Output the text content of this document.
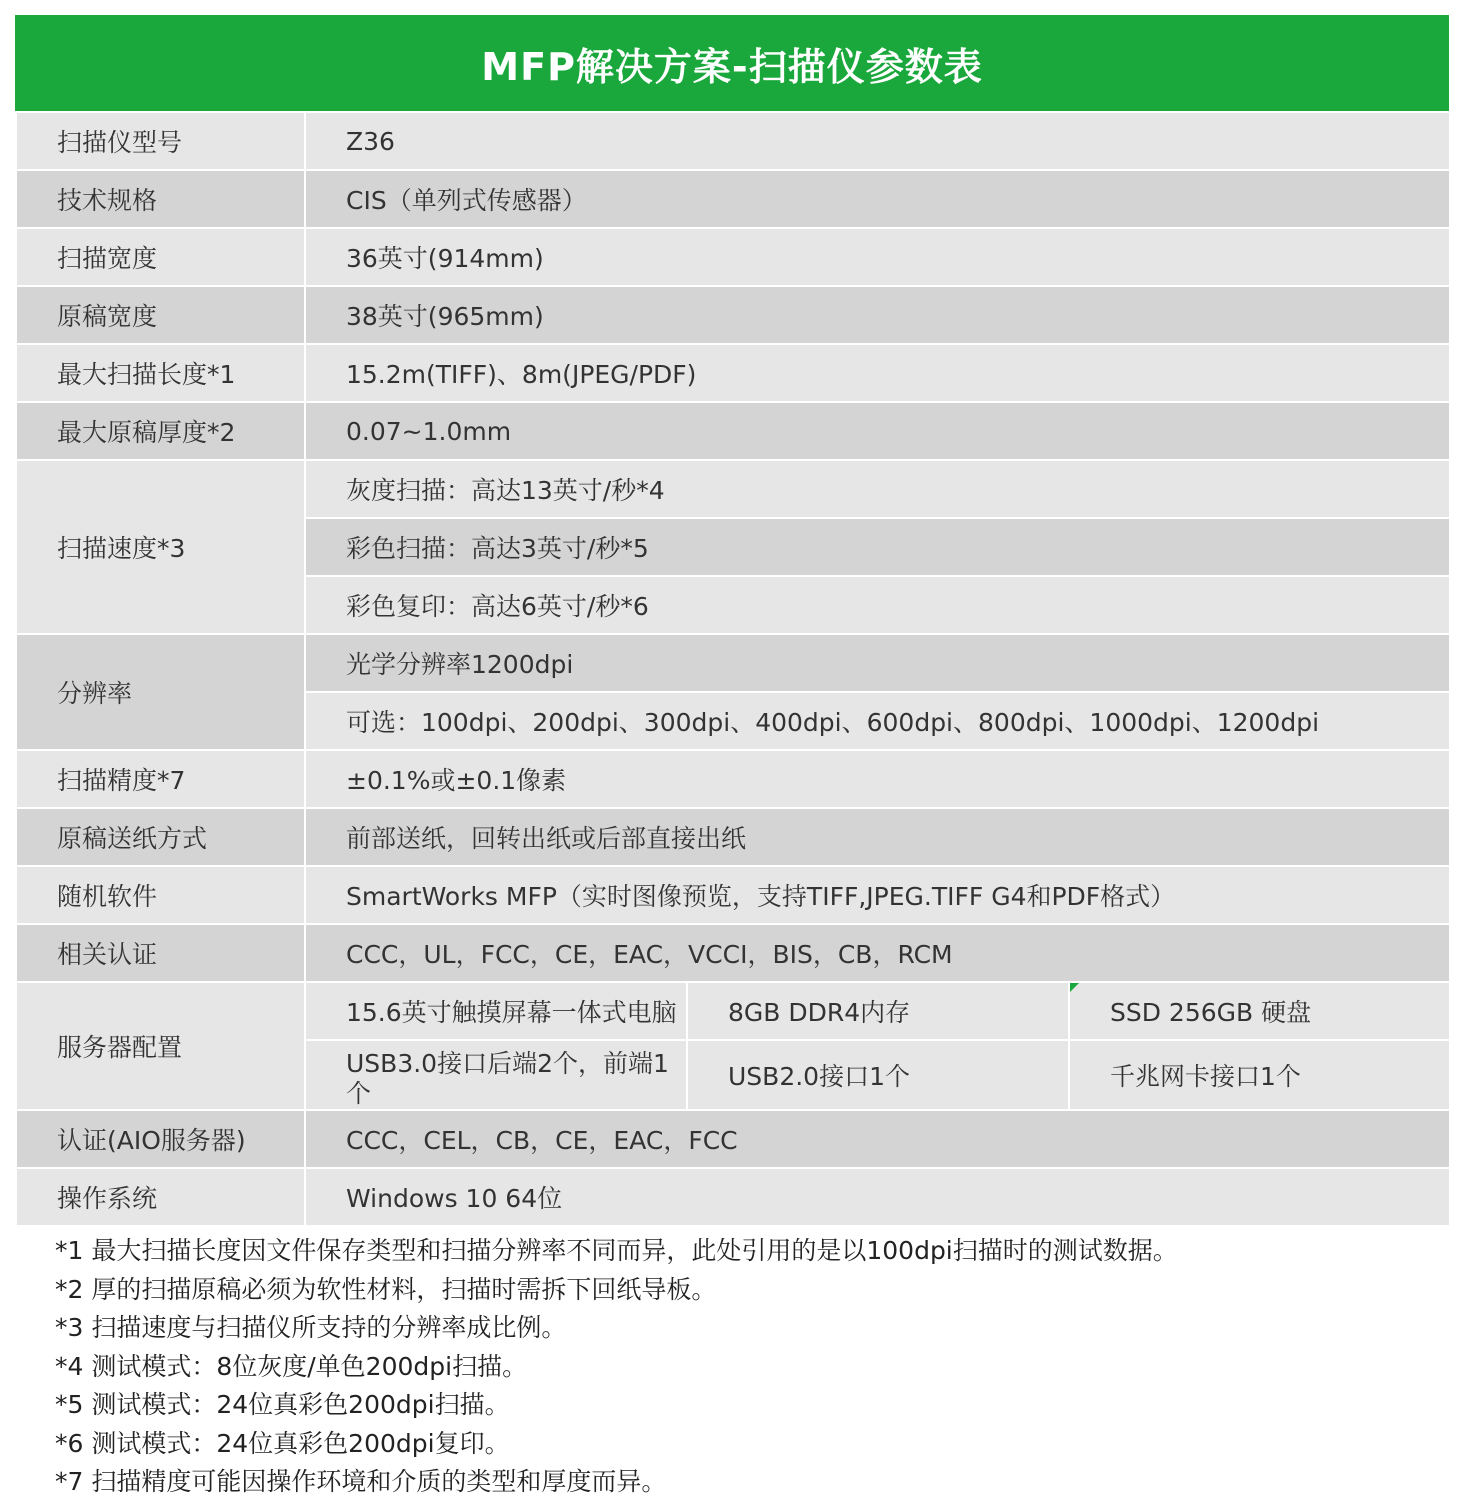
MFP解决方案-扫描仪参数表
扫描仪型号	Z36		
技术规格	CIS（单列式传感器）		
扫描宽度	36英寸(914mm)		
原稿宽度	38英寸(965mm)		
最大扫描长度*1	15.2m(TIFF)、8m(JPEG/PDF)		
最大原稿厚度*2	0.07~1.0mm		
扫描速度*3	灰度扫描：高达13英寸/秒*4		
	彩色扫描：高达3英寸/秒*5		
	彩色复印：高达6英寸/秒*6		
分辨率	光学分辨率1200dpi		
	可选：100dpi、200dpi、300dpi、400dpi、600dpi、800dpi、1000dpi、1200dpi		
扫描精度*7	±0.1%或±0.1像素		
原稿送纸方式	前部送纸，回转出纸或后部直接出纸		
随机软件	SmartWorks MFP（实时图像预览，支持TIFF,JPEG.TIFF G4和PDF格式）		
相关认证	CCC，UL，FCC，CE，EAC，VCCI，BIS，CB，RCM		
服务器配置	15.6英寸触摸屏幕一体式电脑	8GB DDR4内存	SSD 256GB 硬盘
	USB3.0接口后端2个，前端1个	USB2.0接口1个	千兆网卡接口1个
认证(AIO服务器)	CCC，CEL，CB，CE，EAC，FCC		
操作系统	Windows 10 64位		
*1 最大扫描长度因文件保存类型和扫描分辨率不同而异，此处引用的是以100dpi扫描时的测试数据。
*2 厚的扫描原稿必须为软性材料，扫描时需拆下回纸导板。
*3 扫描速度与扫描仪所支持的分辨率成比例。
*4 测试模式：8位灰度/单色200dpi扫描。
*5 测试模式：24位真彩色200dpi扫描。
*6 测试模式：24位真彩色200dpi复印。
*7 扫描精度可能因操作环境和介质的类型和厚度而异。
